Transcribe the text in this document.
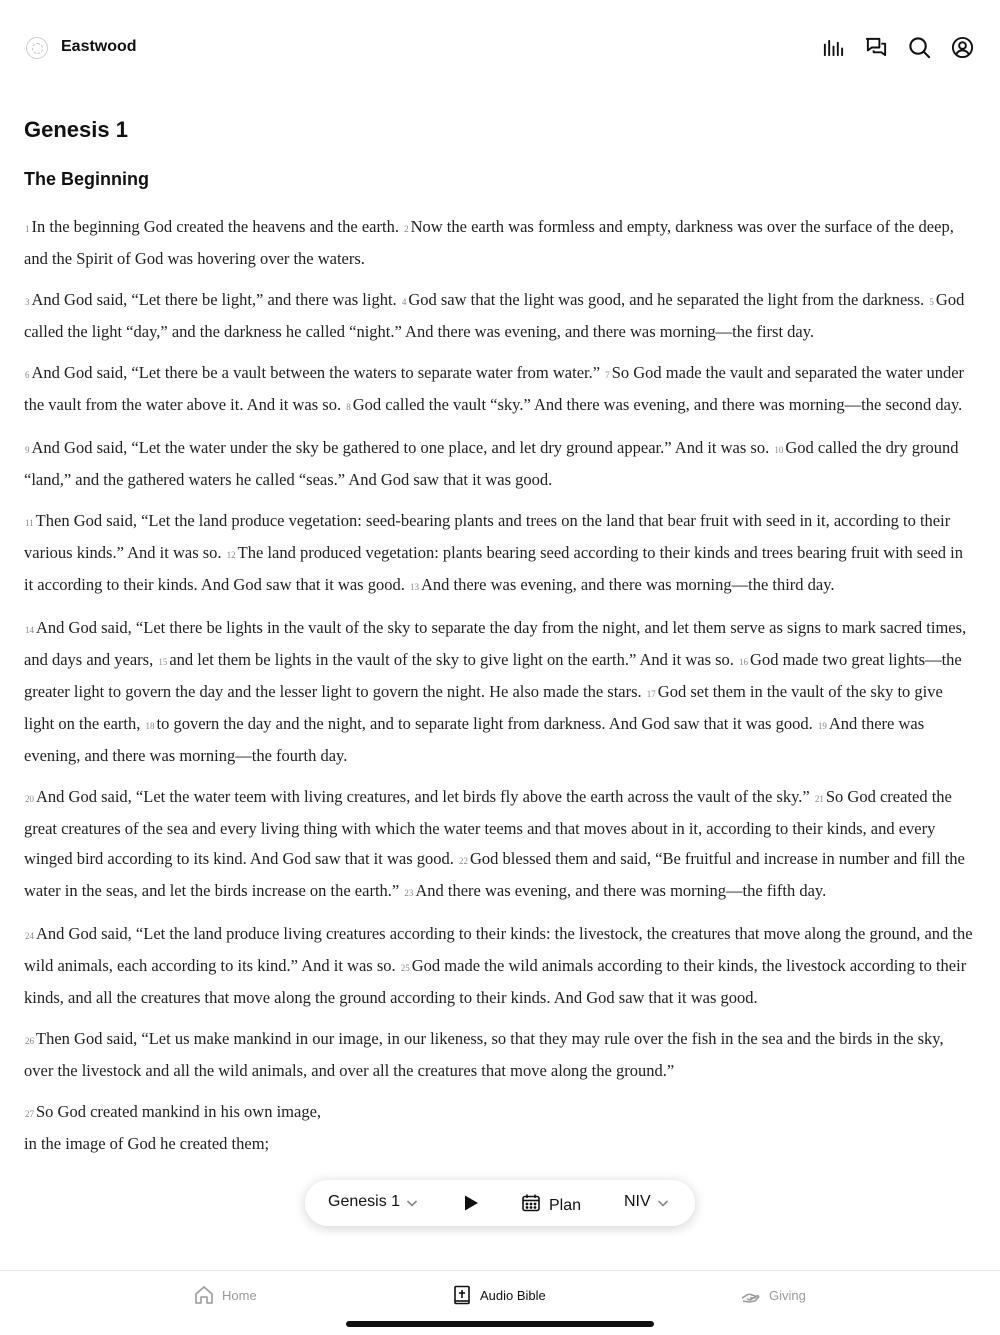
Eastwood
Genesis 1
The Beginning

1 In the beginning God created the heavens and the earth. 2 Now the earth was formless and empty, darkness was over the surface of the deep, and the Spirit of God was hovering over the waters.

3 And God said, “Let there be light,” and there was light. 4 God saw that the light was good, and he separated the light from the darkness. 5 God called the light “day,” and the darkness he called “night.” And there was evening, and there was morning—the first day.

6 And God said, “Let there be a vault between the waters to separate water from water.” 7 So God made the vault and separated the water under the vault from the water above it. And it was so. 8 God called the vault “sky.” And there was evening, and there was morning—the second day.

9 And God said, “Let the water under the sky be gathered to one place, and let dry ground appear.” And it was so. 10 God called the dry ground “land,” and the gathered waters he called “seas.” And God saw that it was good.

11 Then God said, “Let the land produce vegetation: seed-bearing plants and trees on the land that bear fruit with seed in it, according to their various kinds.” And it was so. 12 The land produced vegetation: plants bearing seed according to their kinds and trees bearing fruit with seed in it according to their kinds. And God saw that it was good. 13 And there was evening, and there was morning—the third day.

14 And God said, “Let there be lights in the vault of the sky to separate the day from the night, and let them serve as signs to mark sacred times, and days and years, 15 and let them be lights in the vault of the sky to give light on the earth.” And it was so. 16 God made two great lights—the greater light to govern the day and the lesser light to govern the night. He also made the stars. 17 God set them in the vault of the sky to give light on the earth, 18 to govern the day and the night, and to separate light from darkness. And God saw that it was good. 19 And there was evening, and there was morning—the fourth day.

20 And God said, “Let the water teem with living creatures, and let birds fly above the earth across the vault of the sky.” 21 So God created the great creatures of the sea and every living thing with which the water teems and that moves about in it, according to their kinds, and every winged bird according to its kind. And God saw that it was good. 22 God blessed them and said, “Be fruitful and increase in number and fill the water in the seas, and let the birds increase on the earth.” 23 And there was evening, and there was morning—the fifth day.

24 And God said, “Let the land produce living creatures according to their kinds: the livestock, the creatures that move along the ground, and the wild animals, each according to its kind.” And it was so. 25 God made the wild animals according to their kinds, the livestock according to their kinds, and all the creatures that move along the ground according to their kinds. And God saw that it was good.

26 Then God said, “Let us make mankind in our image, in our likeness, so that they may rule over the fish in the sea and the birds in the sky, over the livestock and all the wild animals, and over all the creatures that move along the ground.”

27 So God created mankind in his own image,

in the image of God he created them;

Genesis 1	Plan	NIV
Home	Audio Bible	Giving
